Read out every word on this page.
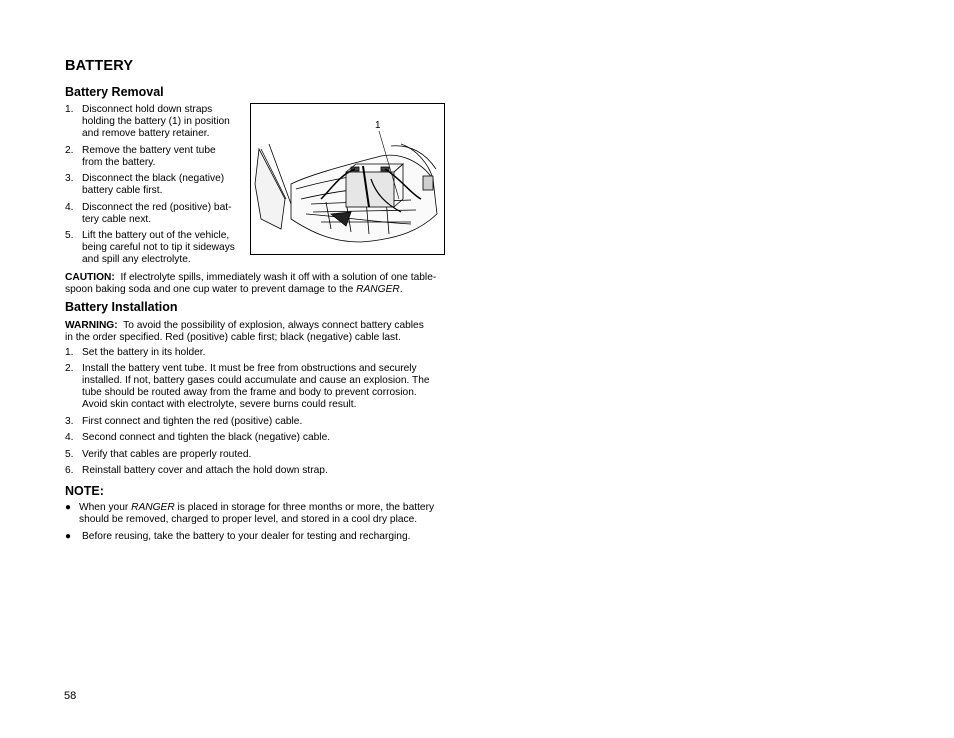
BATTERY
Battery Removal
1. Disconnect hold down straps
holding the battery (1) in position
and remove battery retainer.
2. Remove the battery vent tube
from the battery.
3. Disconnect the black (negative)
battery cable first.
4. Disconnect the red (positive) bat-
tery cable next.
5. Lift the battery out of the vehicle,
being careful not to tip it sideways
and spill any electrolyte.
1
CAUTION: If electrolyte spills, immediately wash it off with a solution of one table-
spoon baking soda and one cup water to prevent damage to the RANGER.
Battery Installation
WARNING: To avoid the possibility of explosion, always connect battery cables
in the order specified. Red (positive) cable first; black (negative) cable last.
1. Set the battery in its holder.
2. Install the battery vent tube. It must be free from obstructions and securely
installed. If not, battery gases could accumulate and cause an explosion. The
tube should be routed away from the frame and body to prevent corrosion.
Avoid skin contact with electrolyte, severe burns could result.
3. First connect and tighten the red (positive) cable.
4. Second connect and tighten the black (negative) cable.
5. Verify that cables are properly routed.
6. Reinstall battery cover and attach the hold down strap.
NOTE:
● When your RANGER is placed in storage for three months or more, the battery
should be removed, charged to proper level, and stored in a cool dry place.
● Before reusing, take the battery to your dealer for testing and recharging.
58
